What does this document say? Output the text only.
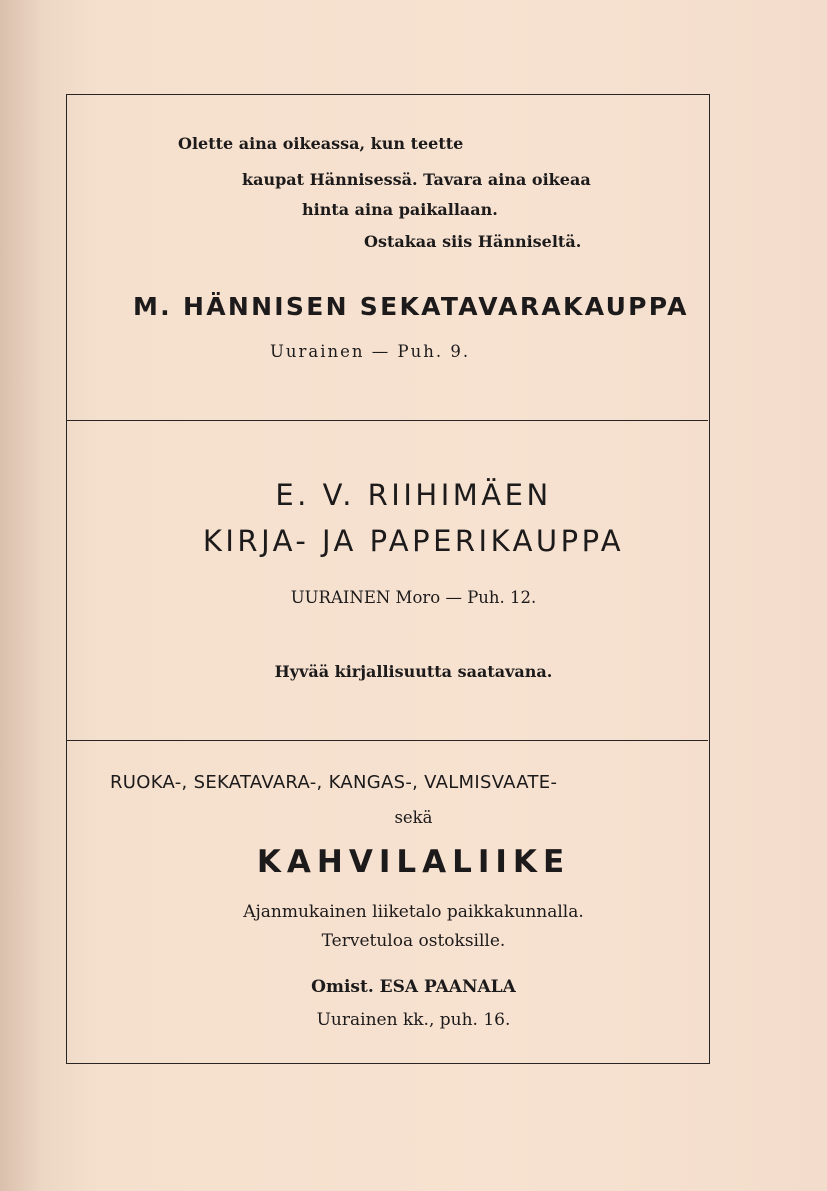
Olette aina oikeassa, kun teette
kaupat Hännisessä. Tavara aina oikeaa
hinta aina paikallaan.
Ostakaa siis Hänniseltä.
M. HÄNNISEN SEKATAVARAKAUPPA
Uurainen — Puh. 9.
E. V. RIIHIMÄEN
KIRJA- JA PAPERIKAUPPA
UURAINEN Moro — Puh. 12.
Hyvää kirjallisuutta saatavana.
RUOKA-, SEKATAVARA-, KANGAS-, VALMISVAATE-
sekä
KAHVILALIIKE
Ajanmukainen liiketalo paikkakunnalla.
Tervetuloa ostoksille.
Omist. ESA PAANALA
Uurainen kk., puh. 16.
